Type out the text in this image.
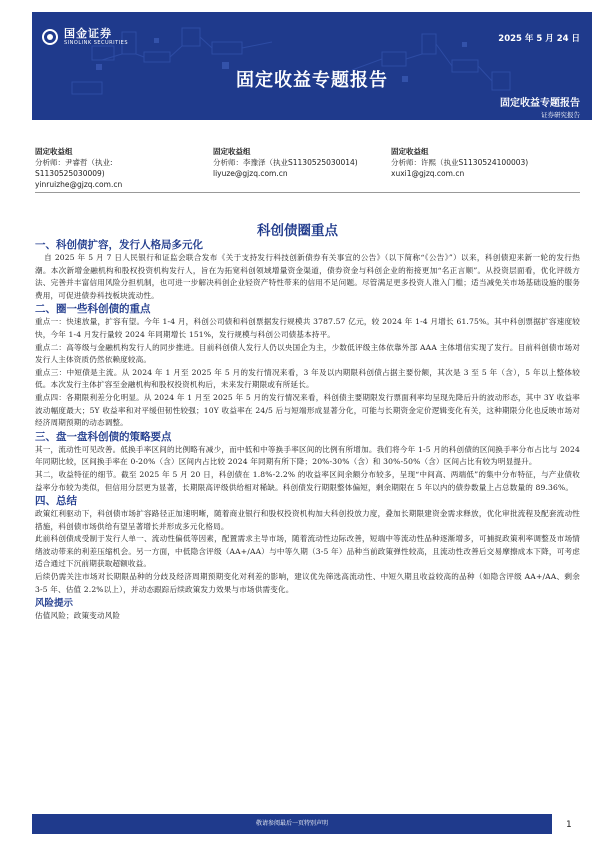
国金证券
SINOLINK SECURITIES	2025 年 5 月 24 日
固定收益专题报告
固定收益专题报告
证券研究报告
固定收益组
分析师：尹睿哲（执业:
S1130525030009)
yinruizhe@gjzq.com.cn
固定收益组
分析师：李豫泽（执业S1130525030014)
liyuze@gjzq.com.cn
固定收益组
分析师：许熙（执业S1130524100003)
xuxi1@gjzq.com.cn
科创债圈重点
一、科创债扩容，发行人格局多元化

自 2025 年 5 月 7 日人民银行和证监会联合发布《关于支持发行科技创新债券有关事宜的公告》（以下简称“《公告》”）以来，科创债迎来新一轮的发行热潮。本次新增金融机构和股权投资机构发行人，旨在为拓宽科创领域增量资金渠道，债券资金与科创企业的衔接更加“名正言顺”。从投资层面看，优化评级方法、完善并丰富信用风险分担机制，也可进一步解决科创企业轻资产特性带来的信用不足问题。尽管满足更多投资人准入门槛；适当减免关市场基础设施的服务费用，可促进债券科技板块流动性。

二、圈一些科创债的重点

重点一：快速放量，扩容有望。今年 1-4 月，科创公司债和科创票据发行规模共 3787.57 亿元，较 2024 年 1-4 月增长 61.75%。其中科创票据扩容速度较快，今年 1-4 月发行量较 2024 年同期增长 151%，发行规模与科创公司债基本持平。

重点二：高等级与金融机构发行人的同步推进。目前科创债人发行人仍以央国企为主，少数低评级主体依靠外部 AAA 主体增信实现了发行。目前科创债市场对发行人主体资质仍然依赖度较高。

重点三：中短债是主流。从 2024 年 1 月至 2025 年 5 月的发行情况来看，3 年及以内期限科创债占据主要份额，其次是 3 至 5 年（含），5 年以上整体较低。本次发行主体扩容至金融机构和股权投资机构后，未来发行期限或有所延长。

重点四：各期限利差分化明显。从 2024 年 1 月至 2025 年 5 月的发行情况来看，科创债主要期限发行票面利率均呈现先降后升的波动形态，其中 3Y 收益率波动幅度最大；5Y 收益率和对平缓但韧性较强；10Y 收益率在 24/5 后与短端形成显著分化，可能与长期资金定价逻辑变化有关，这种期限分化也反映市场对经济周期预期的动态调整。

三、盘一盘科创债的策略要点

其一，流动性可见改善。低换手率区间的比例略有减少，而中低和中等换手率区间的比例有所增加。我们将今年 1-5 月的科创债的区间换手率分布占比与 2024 年同期比较，区间换手率在 0-20%（含）区间内占比较 2024 年同期有所下降；20%-30%（含）和 30%-50%（含）区间占比有较为明显提升。

其二，收益特征的细节。截至 2025 年 5 月 20 日，科创债在 1.8%-2.2% 的收益率区间余额分布较多，呈现“中间高、两端低”的集中分布特征，与产业债收益率分布较为类似，但信用分层更为显著，长期限高评级供给相对稀缺。科创债发行期限整体偏短，剩余期限在 5 年以内的债券数量上占总数量的 89.36%。

四、总结

政策红利驱动下，科创债市场扩容路径正加速明晰，随着商业银行和股权投资机构加大科创投放力度，叠加长期限建资金需求释放，优化审批流程及配套流动性措施，科创债市场供给有望呈著增长并形成多元化格局。

此前科创债成受制于发行人单一、流动性偏低等因素，配置需求主导市场，随着流动性边际改善，短端中等流动性品种逐渐增多，可捕捉政策利率调整及市场情绪波动带来的利差压缩机会。另一方面，中低隐含评级（AA+/AA）与中等久期（3-5 年）品种当前政策弹性较高，且流动性改善后交易摩擦成本下降，可考虑适合通过下沉前期获取超额收益。

后续仍需关注市场对长期限品种的分歧及经济周期预期变化对利差的影响，建议优先筛选高流动性、中短久期且收益较高的品种（如隐含评级 AA+/AA、剩余 3-5 年、估值 2.2%以上），并动态跟踪后续政策发力效果与市场供需变化。

风险提示

估值风险；政策变动风险

敬请参阅最后一页特别声明	1
